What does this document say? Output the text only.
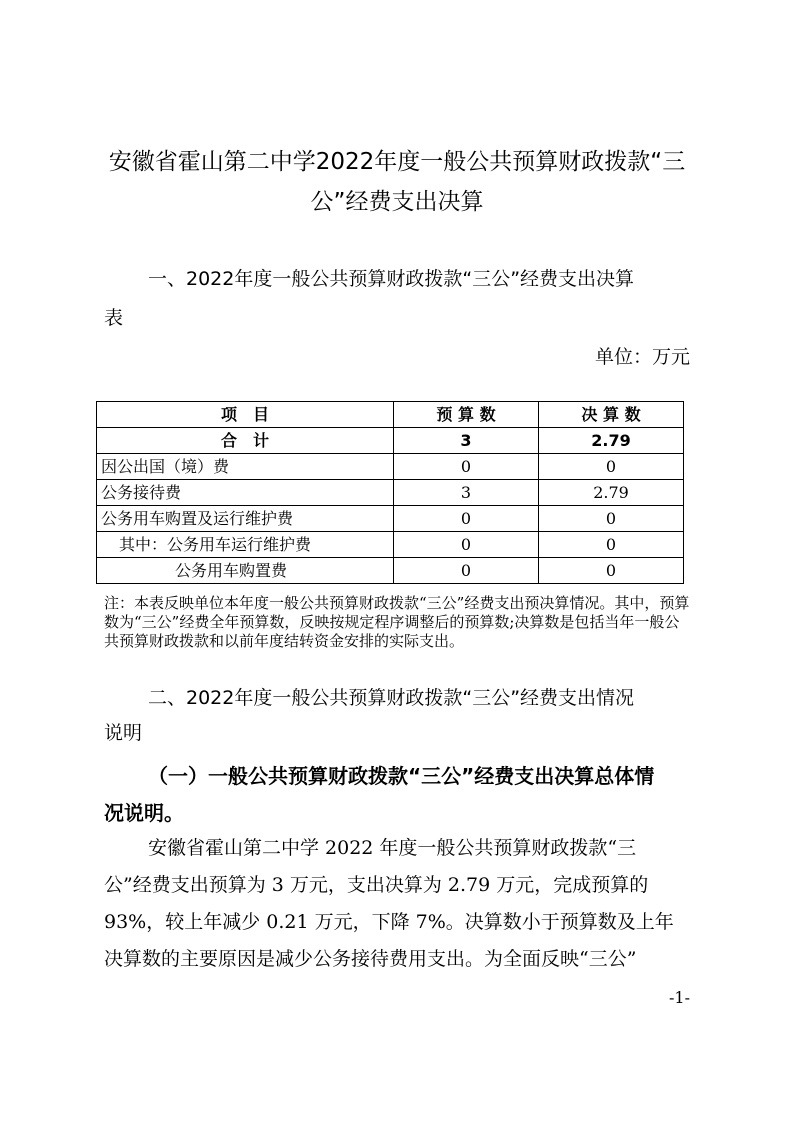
安徽省霍山第二中学2022年度一般公共预算财政拨款“三
公”经费支出决算
一、2022年度一般公共预算财政拨款“三公”经费支出决算
表
单位：万元
项　目	预 算 数	决 算 数
合　计	3	2.79
因公出国（境）费	0	0
公务接待费	3	2.79
公务用车购置及运行维护费	0	0
其中：公务用车运行维护费	0	0
公务用车购置费	0	0
注：本表反映单位本年度一般公共预算财政拨款“三公”经费支出预决算情况。其中，预算数为“三公”经费全年预算数，反映按规定程序调整后的预算数;决算数是包括当年一般公共预算财政拨款和以前年度结转资金安排的实际支出。
二、2022年度一般公共预算财政拨款“三公”经费支出情况
说明
（一）一般公共预算财政拨款“三公”经费支出决算总体情
况说明。
安徽省霍山第二中学 2022 年度一般公共预算财政拨款“三
公”经费支出预算为 3 万元，支出决算为 2.79 万元，完成预算的
93%，较上年减少 0.21 万元，下降 7%。决算数小于预算数及上年
决算数的主要原因是减少公务接待费用支出。为全面反映“三公”
-1-
